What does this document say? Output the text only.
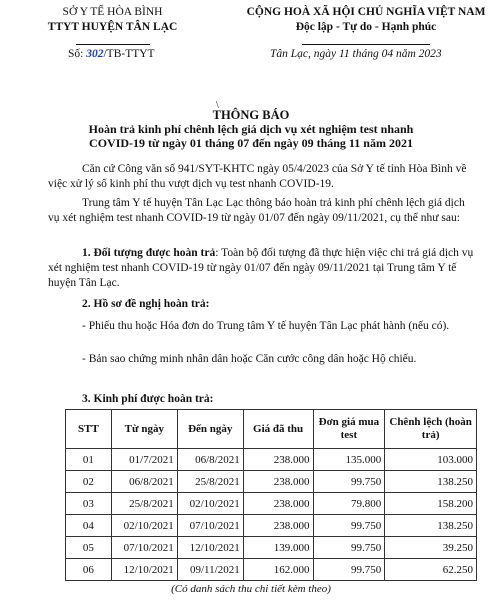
SỞ Y TẾ HÒA BÌNH
TTYT HUYỆN TÂN LẠC
Số: 302/TB-TTYT
CỘNG HOÀ XÃ HỘI CHỦ NGHĨA VIỆT NAM
Độc lập - Tự do - Hạnh phúc
Tân Lạc, ngày 11 tháng 04 năm 2023
\
THÔNG BÁO
Hoàn trả kinh phí chênh lệch giá dịch vụ xét nghiệm test nhanh
COVID-19 từ ngày 01 tháng 07 đến ngày 09 tháng 11 năm 2021
Căn cứ Công văn số 941/SYT-KHTC ngày 05/4/2023 của Sở Y tế tỉnh Hòa Bình về việc xử lý số kinh phí thu vượt dịch vụ test nhanh COVID-19.
Trung tâm Y tế huyện Tân Lạc Lạc thông báo hoàn trả kinh phí chênh lệch giá dịch vụ xét nghiệm test nhanh COVID-19 từ ngày 01/07 đến ngày 09/11/2021, cụ thể như sau:
1. Đối tượng được hoàn trả: Toàn bộ đối tượng đã thực hiện việc chi trả giá dịch vụ xét nghiệm test nhanh COVID-19 từ ngày 01/07 đến ngày 09/11/2021 tại Trung tâm Y tế huyện Tân Lạc.
2. Hồ sơ đề nghị hoàn trả:
- Phiếu thu hoặc Hóa đơn do Trung tâm Y tế huyện Tân Lạc phát hành (nếu có).
- Bản sao chứng minh nhân dân hoặc Căn cước công dân hoặc Hộ chiếu.
3. Kinh phí được hoàn trả:
STT	Từ ngày	Đến ngày	Giá đã thu	Đơn giá mua test	Chênh lệch (hoàn trả)
01	01/7/2021	06/8/2021	238.000	135.000	103.000
02	06/8/2021	25/8/2021	238.000	99.750	138.250
03	25/8/2021	02/10/2021	238.000	79.800	158.200
04	02/10/2021	07/10/2021	238.000	99.750	138.250
05	07/10/2021	12/10/2021	139.000	99.750	39.250
06	12/10/2021	09/11/2021	162.000	99.750	62.250
(Có danh sách thu chi tiết kèm theo)
